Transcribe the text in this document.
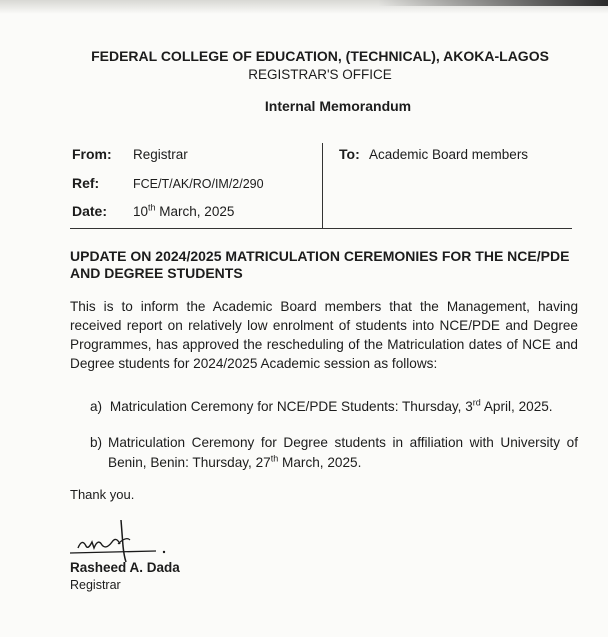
FEDERAL COLLEGE OF EDUCATION, (TECHNICAL), AKOKA-LAGOS
REGISTRAR'S OFFICE
Internal Memorandum
From: Registrar
Ref:	FCE/T/AK/RO/IM/2/290
Date: 10th March, 2025
To: Academic Board members
UPDATE ON 2024/2025 MATRICULATION CEREMONIES FOR THE NCE/PDE AND DEGREE STUDENTS
This is to inform the Academic Board members that the Management, having received report on relatively low enrolment of students into NCE/PDE and Degree Programmes, has approved the rescheduling of the Matriculation dates of NCE and Degree students for 2024/2025 Academic session as follows:
a) Matriculation Ceremony for NCE/PDE Students: Thursday, 3rd April, 2025.
b) Matriculation Ceremony for Degree students in affiliation with University of Benin, Benin: Thursday, 27th March, 2025.
Thank you.
Rasheed A. Dada
Registrar
